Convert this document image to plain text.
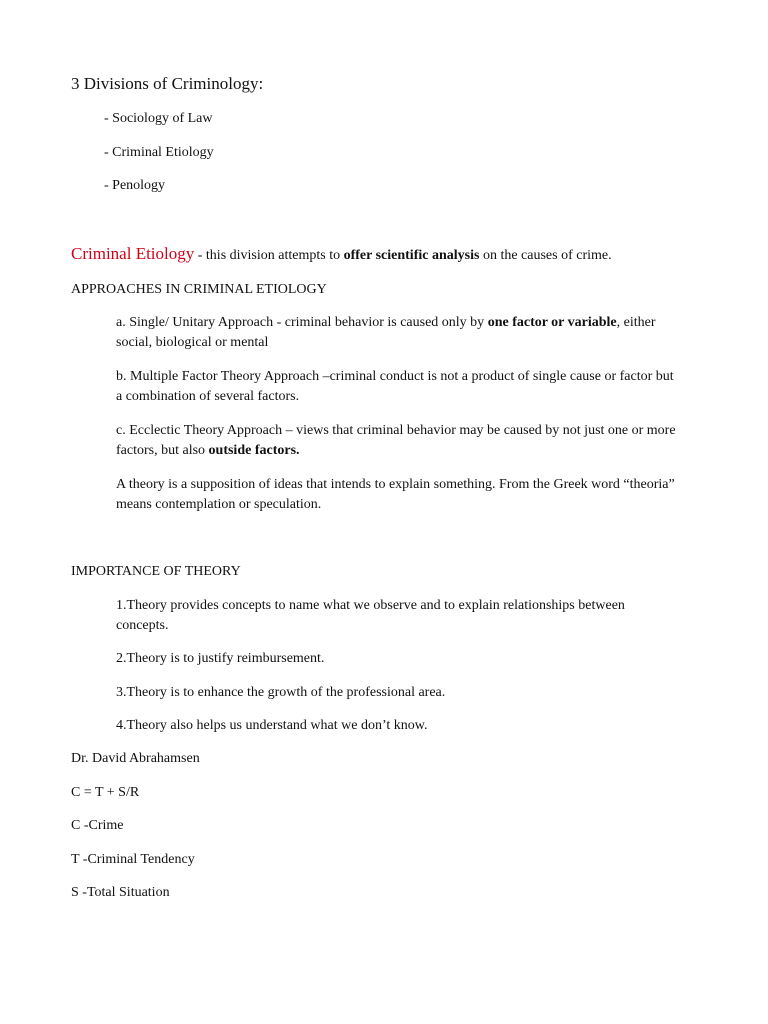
3 Divisions of Criminology:
- Sociology of Law
- Criminal Etiology
- Penology
Criminal Etiology - this division attempts to offer scientific analysis on the causes of crime.
APPROACHES IN CRIMINAL ETIOLOGY
a. Single/ Unitary Approach - criminal behavior is caused only by one factor or variable, either social, biological or mental
b. Multiple Factor Theory Approach –criminal conduct is not a product of single cause or factor but a combination of several factors.
c. Ecclectic Theory Approach – views that criminal behavior may be caused by not just one or more factors, but also outside factors.
A theory is a supposition of ideas that intends to explain something. From the Greek word “theoria” means contemplation or speculation.
IMPORTANCE OF THEORY
1.Theory provides concepts to name what we observe and to explain relationships between concepts.
2.Theory is to justify reimbursement.
3.Theory is to enhance the growth of the professional area.
4.Theory also helps us understand what we don’t know.
Dr. David Abrahamsen
C = T + S/R
C -Crime
T -Criminal Tendency
S -Total Situation
